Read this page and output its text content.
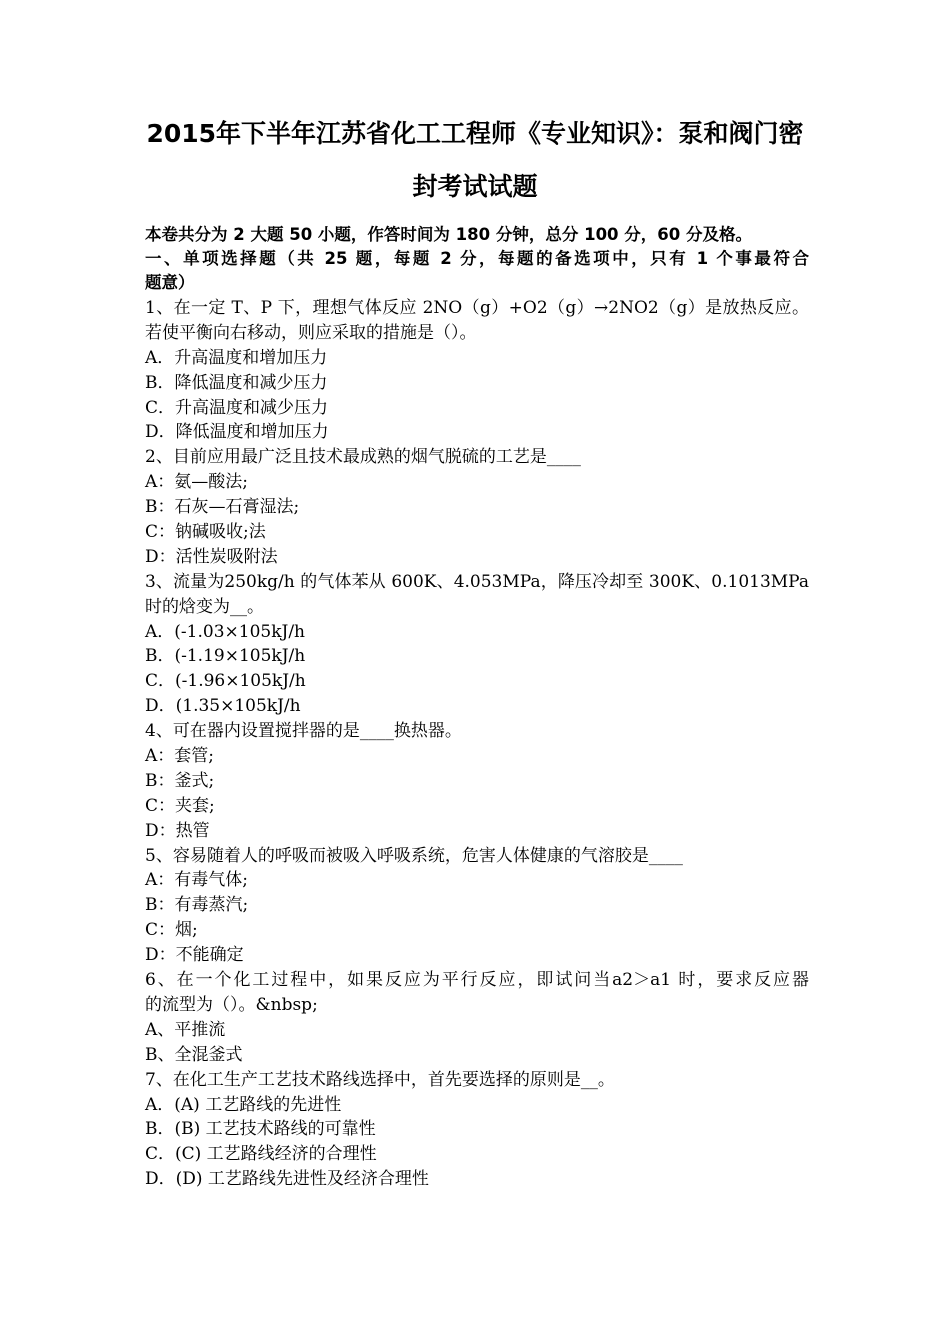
2015年下半年江苏省化工工程师《专业知识》：泵和阀门密
封考试试题

本卷共分为 2 大题 50 小题，作答时间为 180 分钟，总分 100 分，60 分及格。

一、单项选择题（共 25 题，每题 2 分，每题的备选项中，只有 1 个事最符合
题意）
1、在一定 T、P 下，理想气体反应 2NO（g）+O2（g）→2NO2（g）是放热反应。
若使平衡向右移动，则应采取的措施是（）。
A．升高温度和增加压力
B．降低温度和减少压力
C．升高温度和减少压力
D．降低温度和增加压力
2、目前应用最广泛且技术最成熟的烟气脱硫的工艺是____
A：氨—酸法;
B：石灰—石膏湿法;
C：钠碱吸收;法
D：活性炭吸附法
3、流量为250kg/h 的气体苯从 600K、4.053MPa，降压冷却至 300K、0.1013MPa
时的焓变为__。
A．(-1.03×105kJ/h
B．(-1.19×105kJ/h
C．(-1.96×105kJ/h
D．(1.35×105kJ/h
4、可在器内设置搅拌器的是____换热器。
A：套管;
B：釜式;
C：夹套;
D：热管
5、容易随着人的呼吸而被吸入呼吸系统，危害人体健康的气溶胶是____
A：有毒气体;
B：有毒蒸汽;
C：烟;
D：不能确定
6、在一个化工过程中，如果反应为平行反应，即试问当a2＞a1 时，要求反应器
的流型为（）。&nbsp;
A、平推流
B、全混釜式
7、在化工生产工艺技术路线选择中，首先要选择的原则是__。
A．(A) 工艺路线的先进性
B．(B) 工艺技术路线的可靠性
C．(C) 工艺路线经济的合理性
D．(D) 工艺路线先进性及经济合理性
